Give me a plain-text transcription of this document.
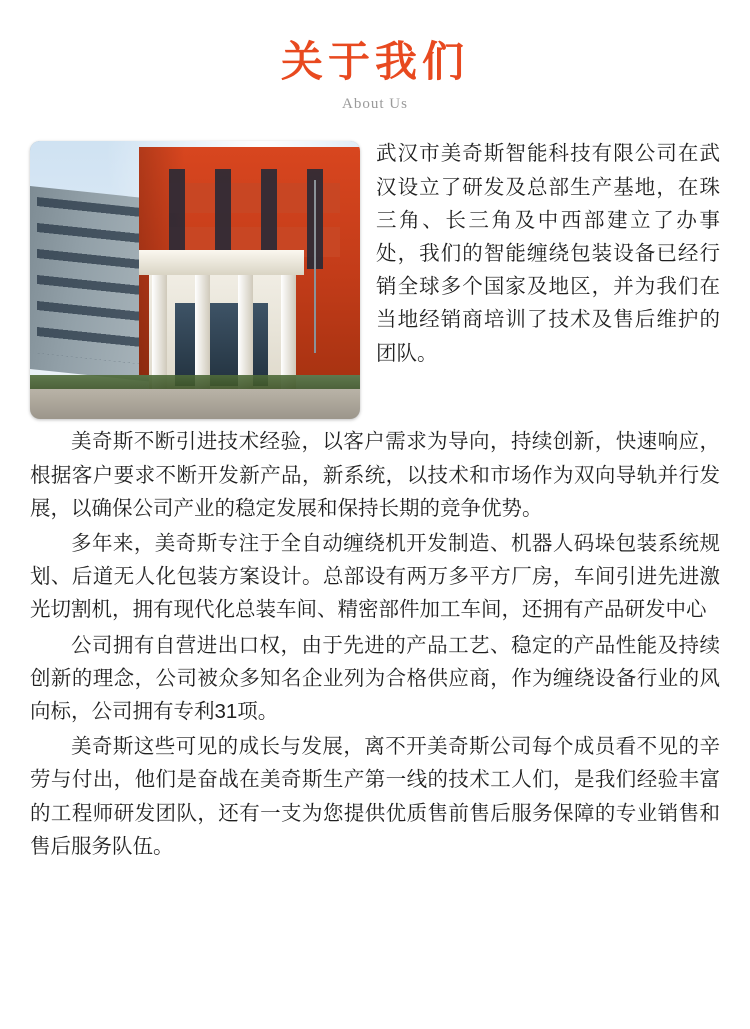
关于我们
About Us

武汉市美奇斯智能科技有限公司在武汉设立了研发及总部生产基地，在珠三角、长三角及中西部建立了办事处，我们的智能缠绕包装设备已经行销全球多个国家及地区，并为我们在当地经销商培训了技术及售后维护的团队。

美奇斯不断引进技术经验，以客户需求为导向，持续创新，快速响应，根据客户要求不断开发新产品，新系统，以技术和市场作为双向导轨并行发展，以确保公司产业的稳定发展和保持长期的竞争优势。

多年来，美奇斯专注于全自动缠绕机开发制造、机器人码垛包装系统规划、后道无人化包装方案设计。总部设有两万多平方厂房，车间引进先进激光切割机，拥有现代化总装车间、精密部件加工车间，还拥有产品研发中心

公司拥有自营进出口权，由于先进的产品工艺、稳定的产品性能及持续创新的理念，公司被众多知名企业列为合格供应商，作为缠绕设备行业的风向标，公司拥有专利31项。

美奇斯这些可见的成长与发展，离不开美奇斯公司每个成员看不见的辛劳与付出，他们是奋战在美奇斯生产第一线的技术工人们，是我们经验丰富的工程师研发团队，还有一支为您提供优质售前售后服务保障的专业销售和售后服务队伍。
